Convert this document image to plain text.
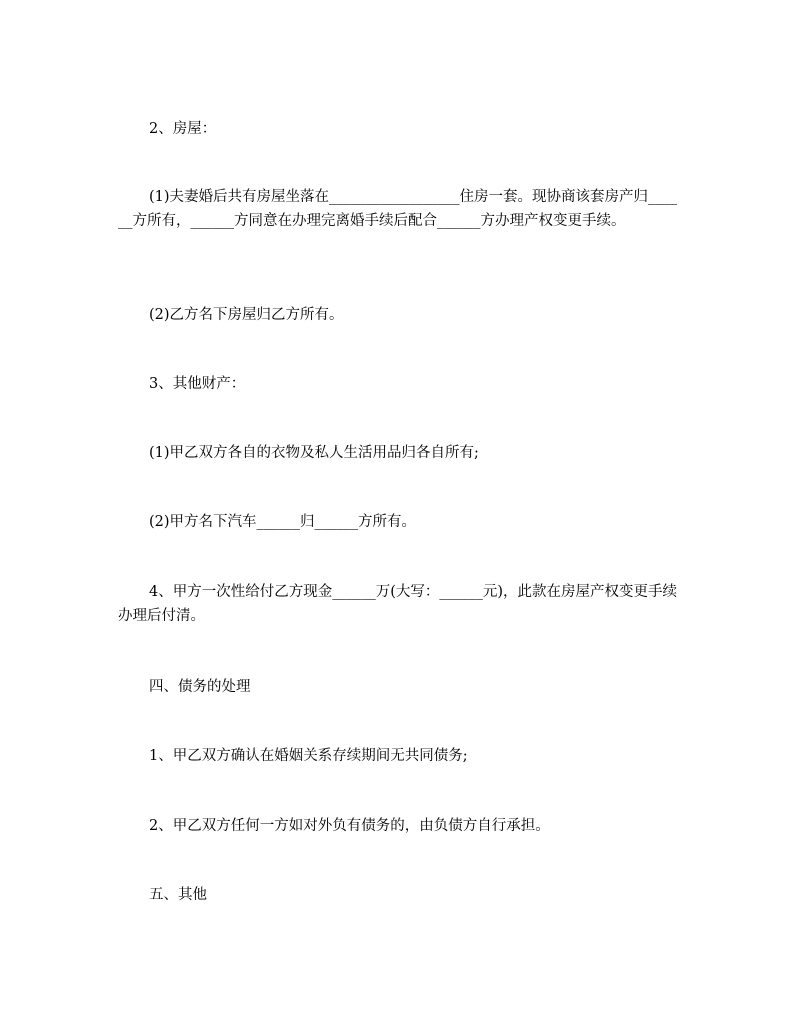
2、房屋：

(1)夫妻婚后共有房屋坐落在__________________住房一套。现协商该套房产归______方所有，______方同意在办理完离婚手续后配合______方办理产权变更手续。

(2)乙方名下房屋归乙方所有。

3、其他财产：

(1)甲乙双方各自的衣物及私人生活用品归各自所有;

(2)甲方名下汽车______归______方所有。

4、甲方一次性给付乙方现金______万(大写：______元)，此款在房屋产权变更手续办理后付清。

四、债务的处理

1、甲乙双方确认在婚姻关系存续期间无共同债务;

2、甲乙双方任何一方如对外负有债务的，由负债方自行承担。

五、其他
